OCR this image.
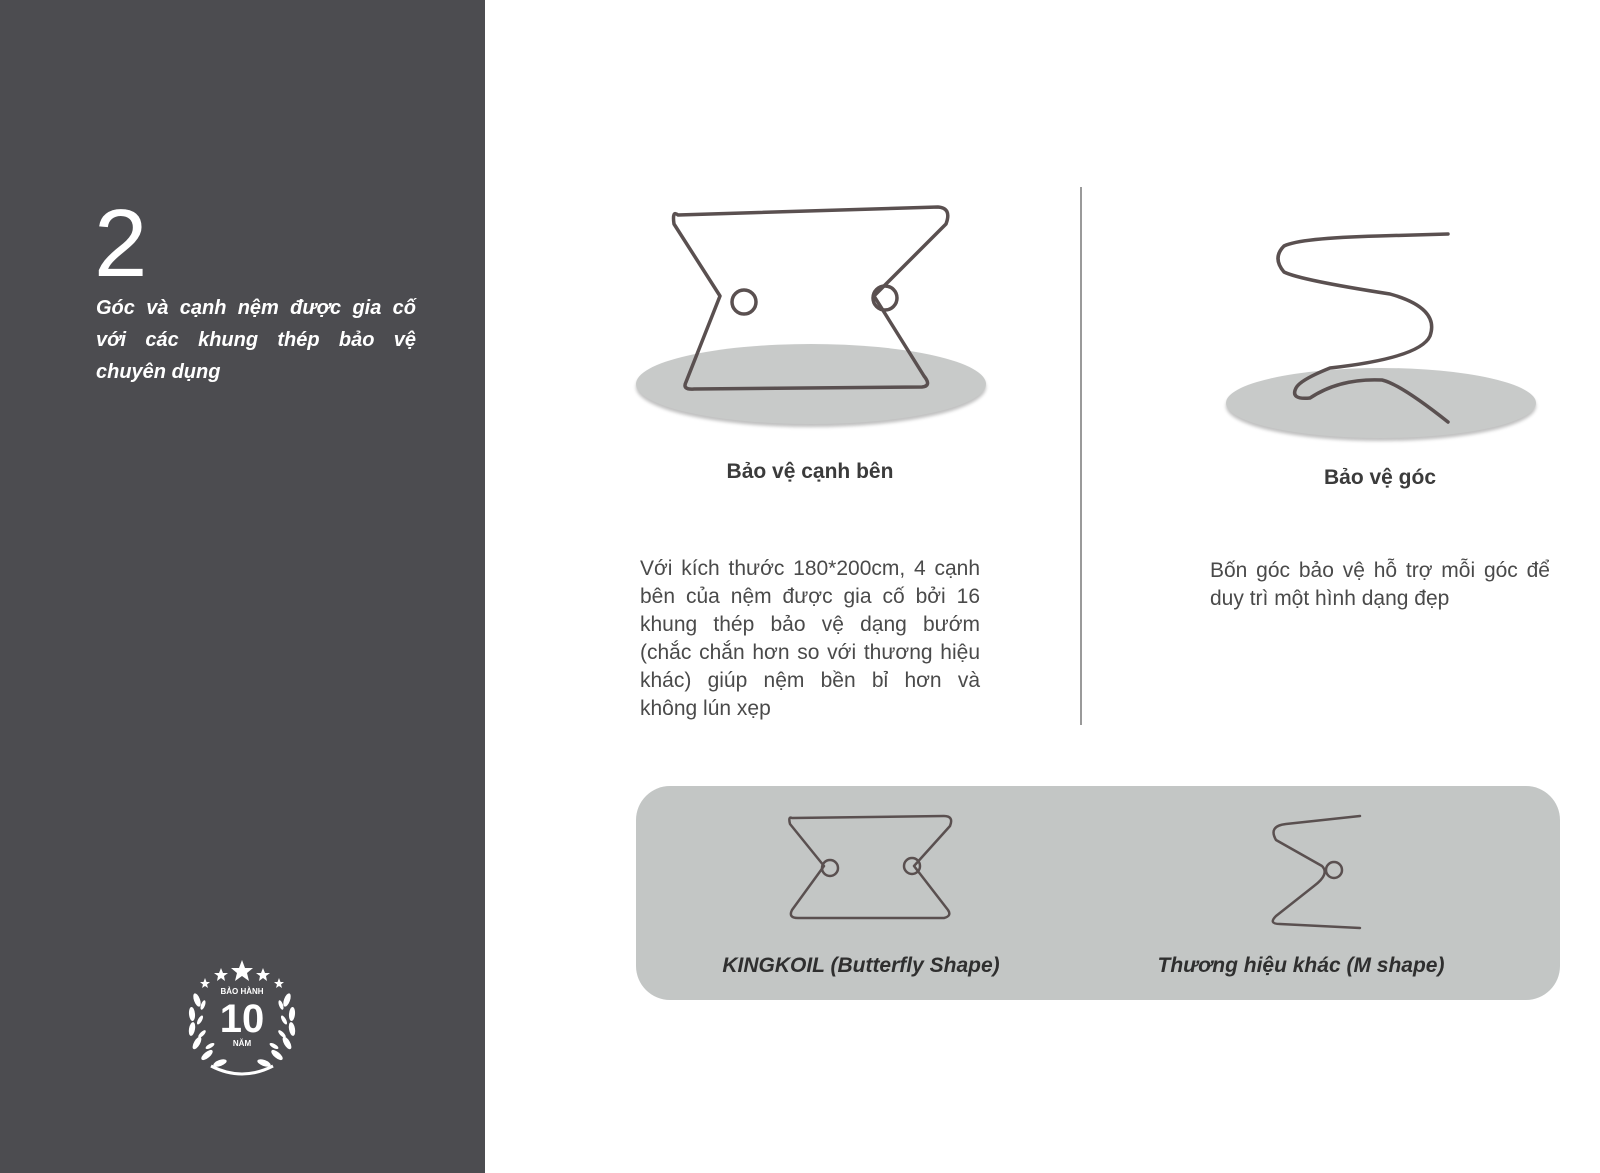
2
Góc và cạnh nệm được gia cố với các khung thép bảo vệ chuyên dụng
BẢO HÀNH
10
NĂM
Bảo vệ cạnh bên
Với kích thước 180*200cm, 4 cạnh bên của nệm được gia cố bởi 16 khung thép bảo vệ dạng bướm (chắc chắn hơn so với thương hiệu khác) giúp nệm bền bỉ hơn và không lún xẹp
Bảo vệ góc
Bốn góc bảo vệ hỗ trợ mỗi góc để duy trì một hình dạng đẹp
KINGKOIL (Butterfly Shape)	Thương hiệu khác (M shape)
